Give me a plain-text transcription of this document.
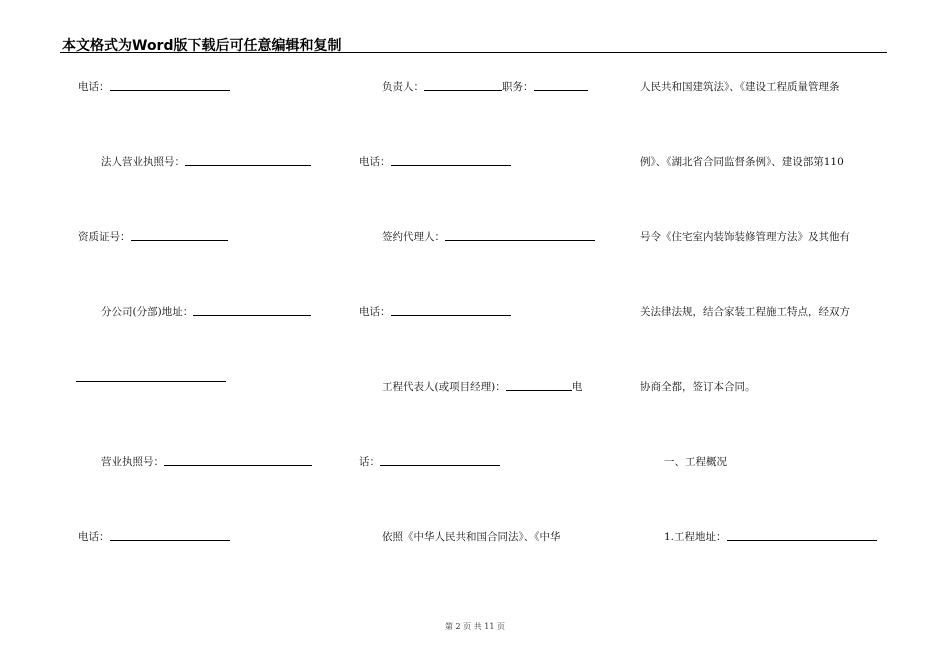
本文格式为Word版下载后可任意编辑和复制
电话：
法人营业执照号：
资质证号：
分公司(分部)地址：
营业执照号：
电话：
负责人：	职务：
电话：
签约代理人：
电话：
工程代表人(或项目经理)：	电
话：
依照《中华人民共和国合同法》、《中华
人民共和国建筑法》、《建设工程质量管理条
例》、《湖北省合同监督条例》、建设部第110
号令《住宅室内装饰装修管理方法》及其他有
关法律法规，结合家装工程施工特点，经双方
协商全都，签订本合同。
一、工程概况
1.工程地址：
第 2 页 共 11 页
